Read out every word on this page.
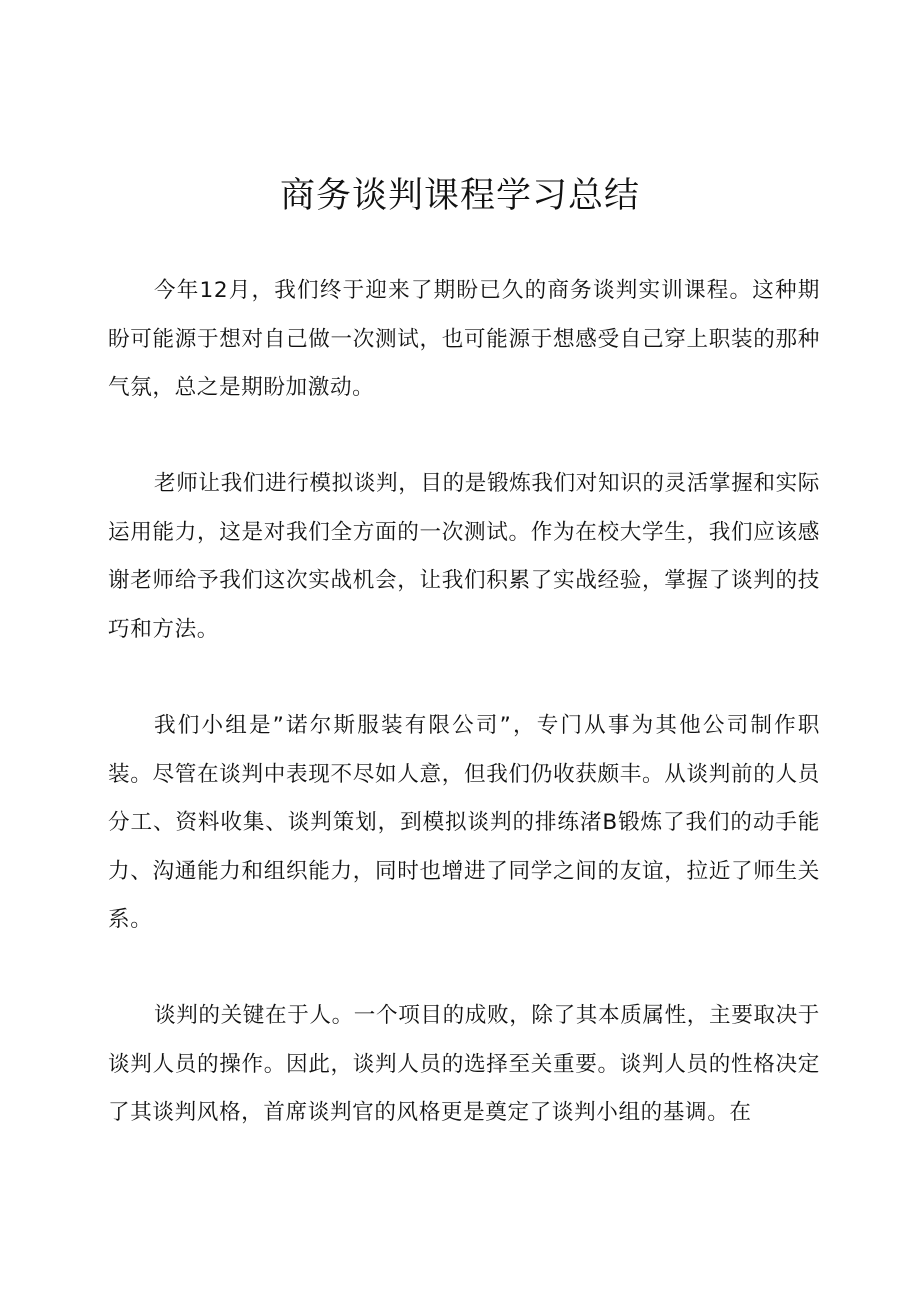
商务谈判课程学习总结

今年12月，我们终于迎来了期盼已久的商务谈判实训课程。这种期盼可能源于想对自己做一次测试，也可能源于想感受自己穿上职装的那种气氛，总之是期盼加激动。

老师让我们进行模拟谈判，目的是锻炼我们对知识的灵活掌握和实际运用能力，这是对我们全方面的一次测试。作为在校大学生，我们应该感谢老师给予我们这次实战机会，让我们积累了实战经验，掌握了谈判的技巧和方法。

我们小组是”诺尔斯服装有限公司”，专门从事为其他公司制作职装。尽管在谈判中表现不尽如人意，但我们仍收获颇丰。从谈判前的人员分工、资料收集、谈判策划，到模拟谈判的排练渚B锻炼了我们的动手能力、沟通能力和组织能力，同时也增进了同学之间的友谊，拉近了师生关系。

谈判的关键在于人。一个项目的成败，除了其本质属性，主要取决于谈判人员的操作。因此，谈判人员的选择至关重要。谈判人员的性格决定了其谈判风格，首席谈判官的风格更是奠定了谈判小组的基调。在
